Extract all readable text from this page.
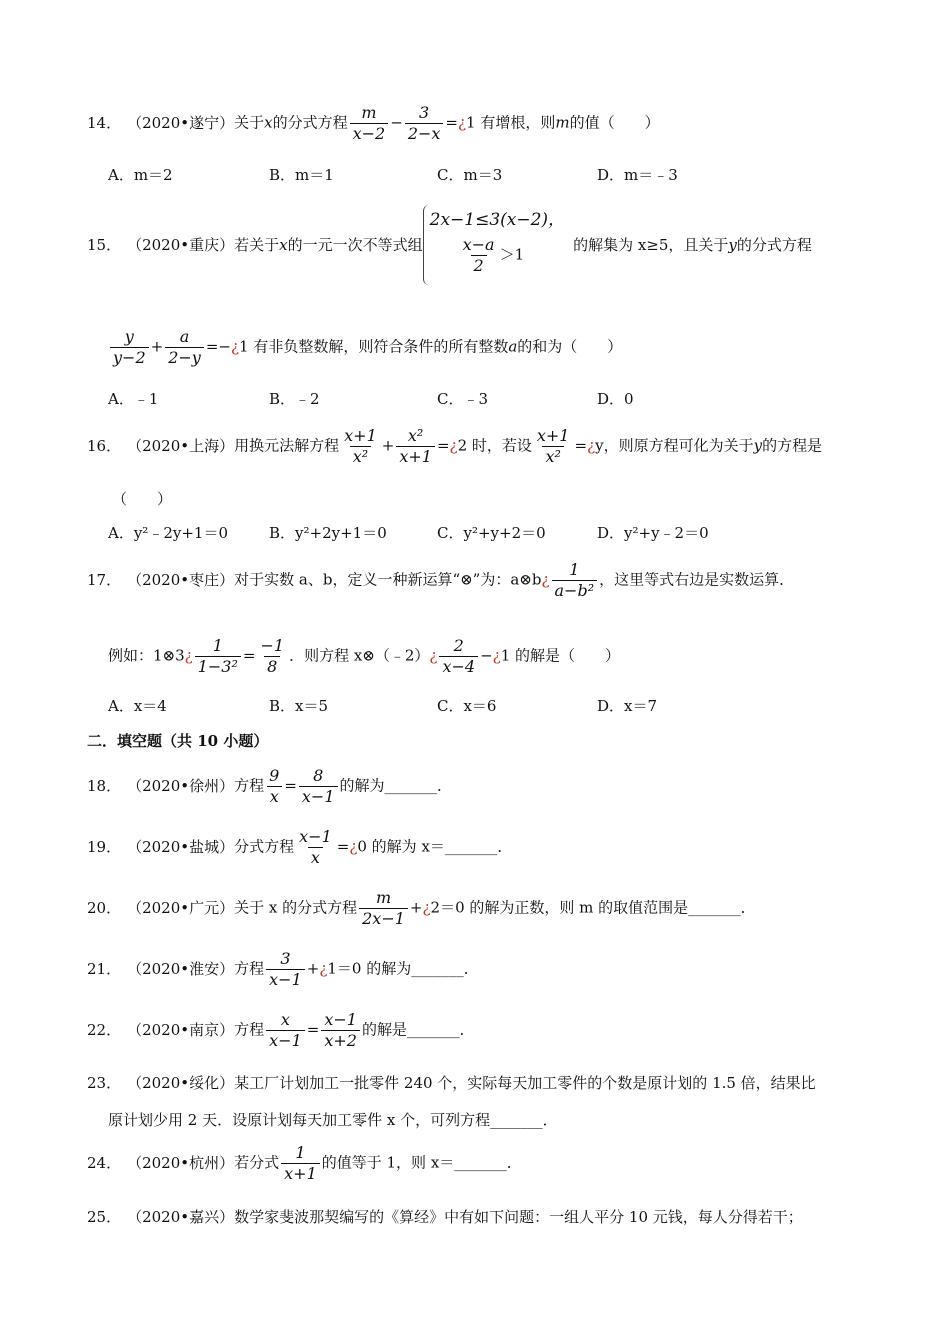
14． （2020•遂宁）关于x的分式方程 $\frac{m}{x-2} - \frac{3}{2-x}$ =¿1 有增根，则m的值（　　）
A．m＝2	B．m＝1	C．m＝3	D．m＝﹣3
15． （2020•重庆）若关于x的一元一次不等式组
2x−1≤3(x−2)，
$\frac{x-a}{2} >1$
的解集为 x≥5，且关于y的分式方程
$\frac{y}{y-2} + \frac{a}{2-y}$ =−¿1 有非负整数解，则符合条件的所有整数a的和为（　　）
A．﹣1	B．﹣2	C．﹣3	D．0
16． （2020•上海）用换元法解方程 $\frac{x+1}{\text{x²}} + \frac{\text{x²}}{x+1}$ =¿2 时，若设 $\frac{x+1}{\text{x²}}$ =¿y，则原方程可化为关于y的方程是
（　　）
A．y²﹣2y+1＝0	B．y²+2y+1＝0	C．y²+y+2＝0	D．y²+y﹣2＝0
17． （2020•枣庄）对于实数 a、b，定义一种新运算“⊗”为：a⊗b¿ $\frac{1}{\text{a−b²}}$ ，这里等式右边是实数运算．
例如：1⊗3¿ $\frac{1}{\text{1−3²}} = \frac{-1}{8}$ ．则方程 x⊗（﹣2）¿ $\frac{2}{x-4}$ −¿1 的解是（　　）
A．x＝4	B．x＝5	C．x＝6	D．x＝7
二．填空题（共 10 小题）
18． （2020•徐州）方程 $\frac{9}{x} = \frac{8}{x-1}$ 的解为_______．
19． （2020•盐城）分式方程 $\frac{x-1}{x}$ =¿0 的解为 x＝_______．
20． （2020•广元）关于 x 的分式方程 $\frac{m}{2x-1}$ +¿2＝0 的解为正数，则 m 的取值范围是_______．
21． （2020•淮安）方程 $\frac{3}{x-1}$ +¿1＝0 的解为_______．
22． （2020•南京）方程 $\frac{x}{x-1} = \frac{x-1}{x+2}$ 的解是_______．
23． （2020•绥化）某工厂计划加工一批零件 240 个，实际每天加工零件的个数是原计划的 1.5 倍，结果比
原计划少用 2 天．设原计划每天加工零件 x 个，可列方程_______．
24． （2020•杭州）若分式 $\frac{1}{x+1}$ 的值等于 1，则 x＝_______．
25． （2020•嘉兴）数学家斐波那契编写的《算经》中有如下问题：一组人平分 10 元钱，每人分得若干；
